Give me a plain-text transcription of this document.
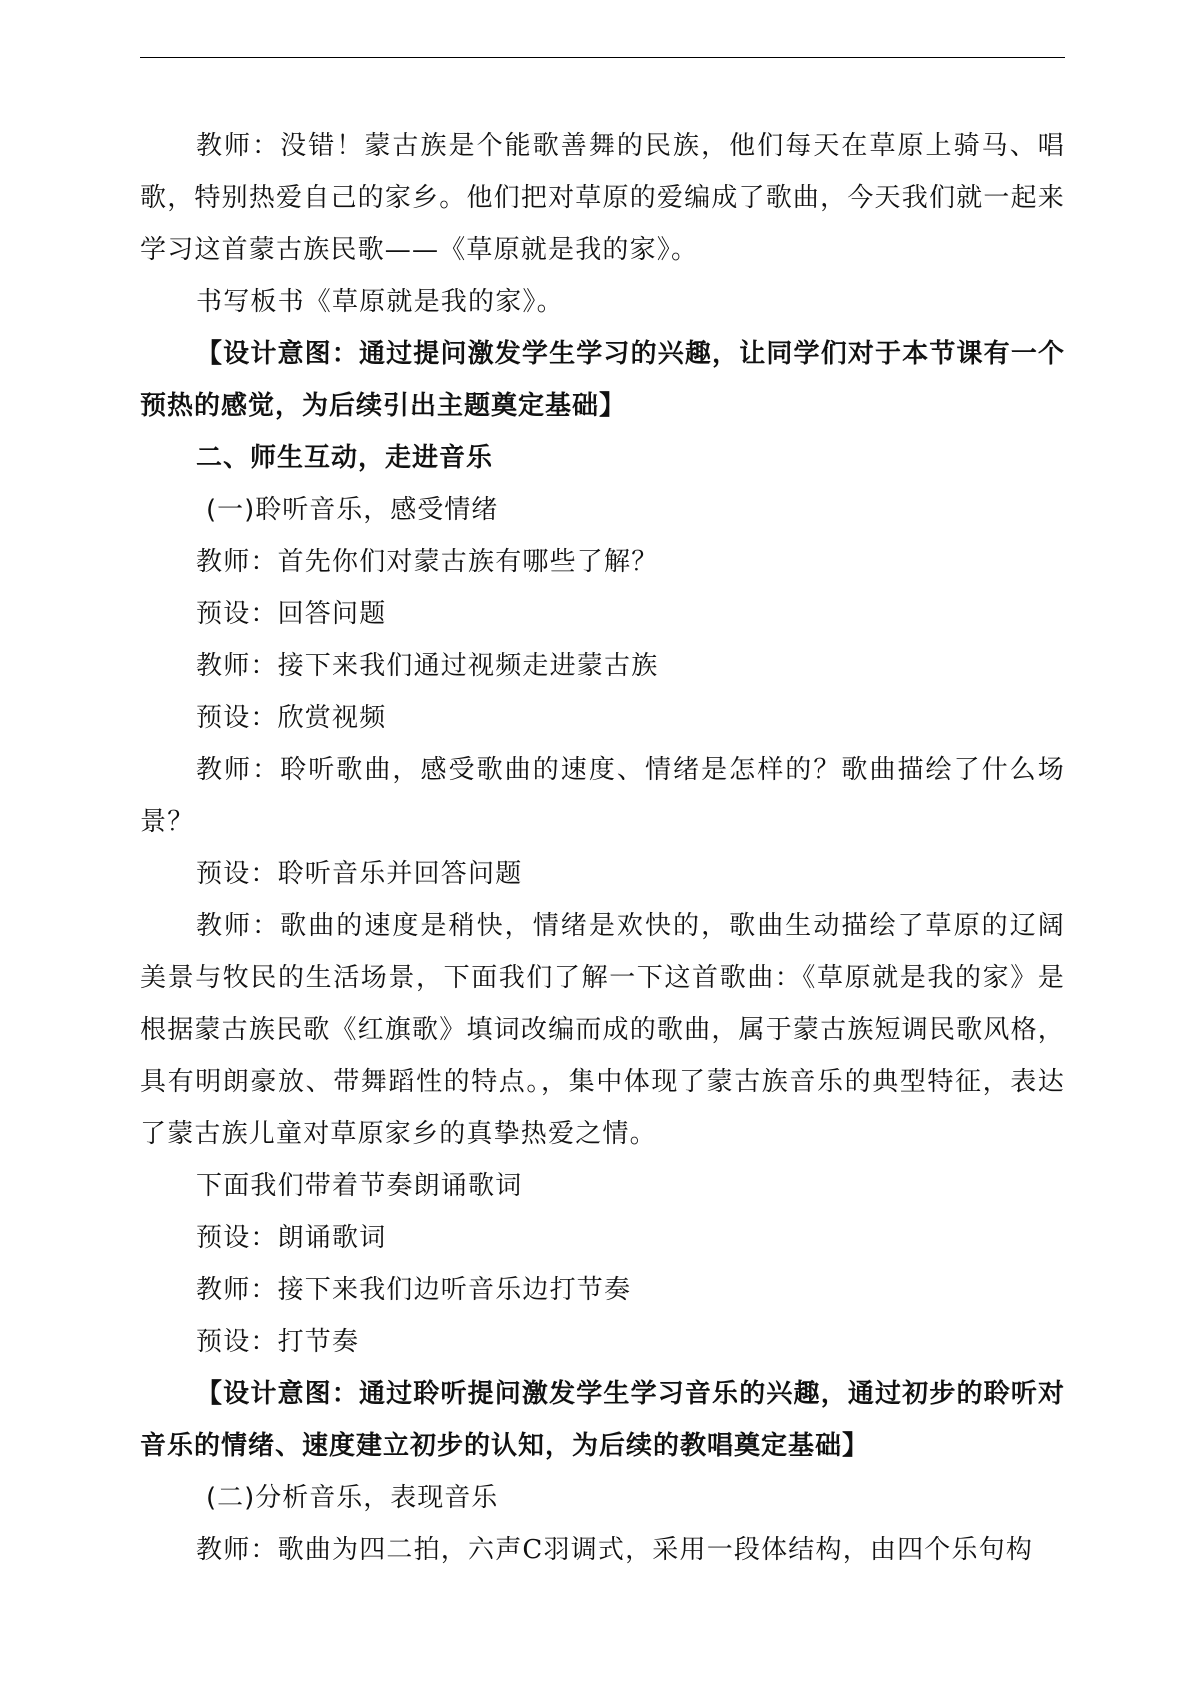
教师：没错！蒙古族是个能歌善舞的民族，他们每天在草原上骑马、唱歌，特别热爱自己的家乡。他们把对草原的爱编成了歌曲，今天我们就一起来学习这首蒙古族民歌——《草原就是我的家》。

书写板书《草原就是我的家》。

【设计意图：通过提问激发学生学习的兴趣，让同学们对于本节课有一个预热的感觉，为后续引出主题奠定基础】

二、师生互动，走进音乐

(一)聆听音乐，感受情绪

教师：首先你们对蒙古族有哪些了解？

预设：回答问题

教师：接下来我们通过视频走进蒙古族

预设：欣赏视频

教师：聆听歌曲，感受歌曲的速度、情绪是怎样的？歌曲描绘了什么场景？

预设：聆听音乐并回答问题

教师：歌曲的速度是稍快，情绪是欢快的，歌曲生动描绘了草原的辽阔美景与牧民的生活场景，下面我们了解一下这首歌曲：《草原就是我的家》是根据蒙古族民歌《红旗歌》填词改编而成的歌曲，属于蒙古族短调民歌风格，具有明朗豪放、带舞蹈性的特点。，集中体现了蒙古族音乐的典型特征，表达了蒙古族儿童对草原家乡的真挚热爱之情。

下面我们带着节奏朗诵歌词

预设：朗诵歌词

教师：接下来我们边听音乐边打节奏

预设：打节奏

【设计意图：通过聆听提问激发学生学习音乐的兴趣，通过初步的聆听对音乐的情绪、速度建立初步的认知，为后续的教唱奠定基础】

(二)分析音乐，表现音乐

教师：歌曲为四二拍，六声C羽调式，采用一段体结构，由四个乐句构
